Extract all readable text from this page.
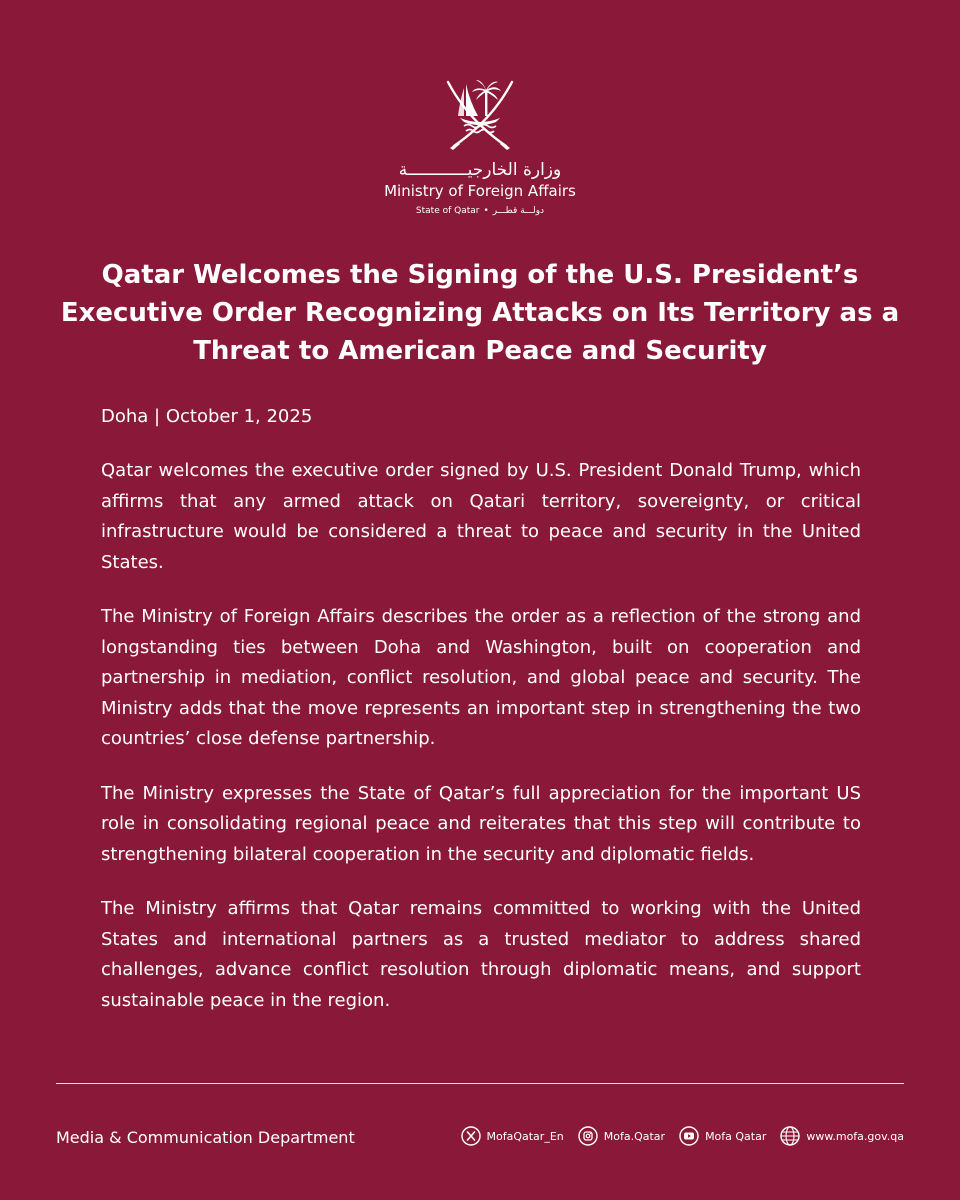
وزارة الخارجيــــــــــــة
Ministry of Foreign Affairs
State of Qatar • دولـــة قطـــر
Qatar Welcomes the Signing of the U.S. President’s Executive Order Recognizing Attacks on Its Territory as a Threat to American Peace and Security

Doha | October 1, 2025

Qatar welcomes the executive order signed by U.S. President Donald Trump, which affirms that any armed attack on Qatari territory, sovereignty, or critical infrastructure would be considered a threat to peace and security in the United States.

The Ministry of Foreign Affairs describes the order as a reflection of the strong and longstanding ties between Doha and Washington, built on cooperation and partnership in mediation, conflict resolution, and global peace and security. The Ministry adds that the move represents an important step in strengthening the two countries’ close defense partnership.

The Ministry expresses the State of Qatar’s full appreciation for the important US role in consolidating regional peace and reiterates that this step will contribute to strengthening bilateral cooperation in the security and diplomatic fields.

The Ministry affirms that Qatar remains committed to working with the United States and international partners as a trusted mediator to address shared challenges, advance conflict resolution through diplomatic means, and support sustainable peace in the region.

Media & Communication Department	MofaQatar_En	Mofa.Qatar	Mofa Qatar	www.mofa.gov.qa
